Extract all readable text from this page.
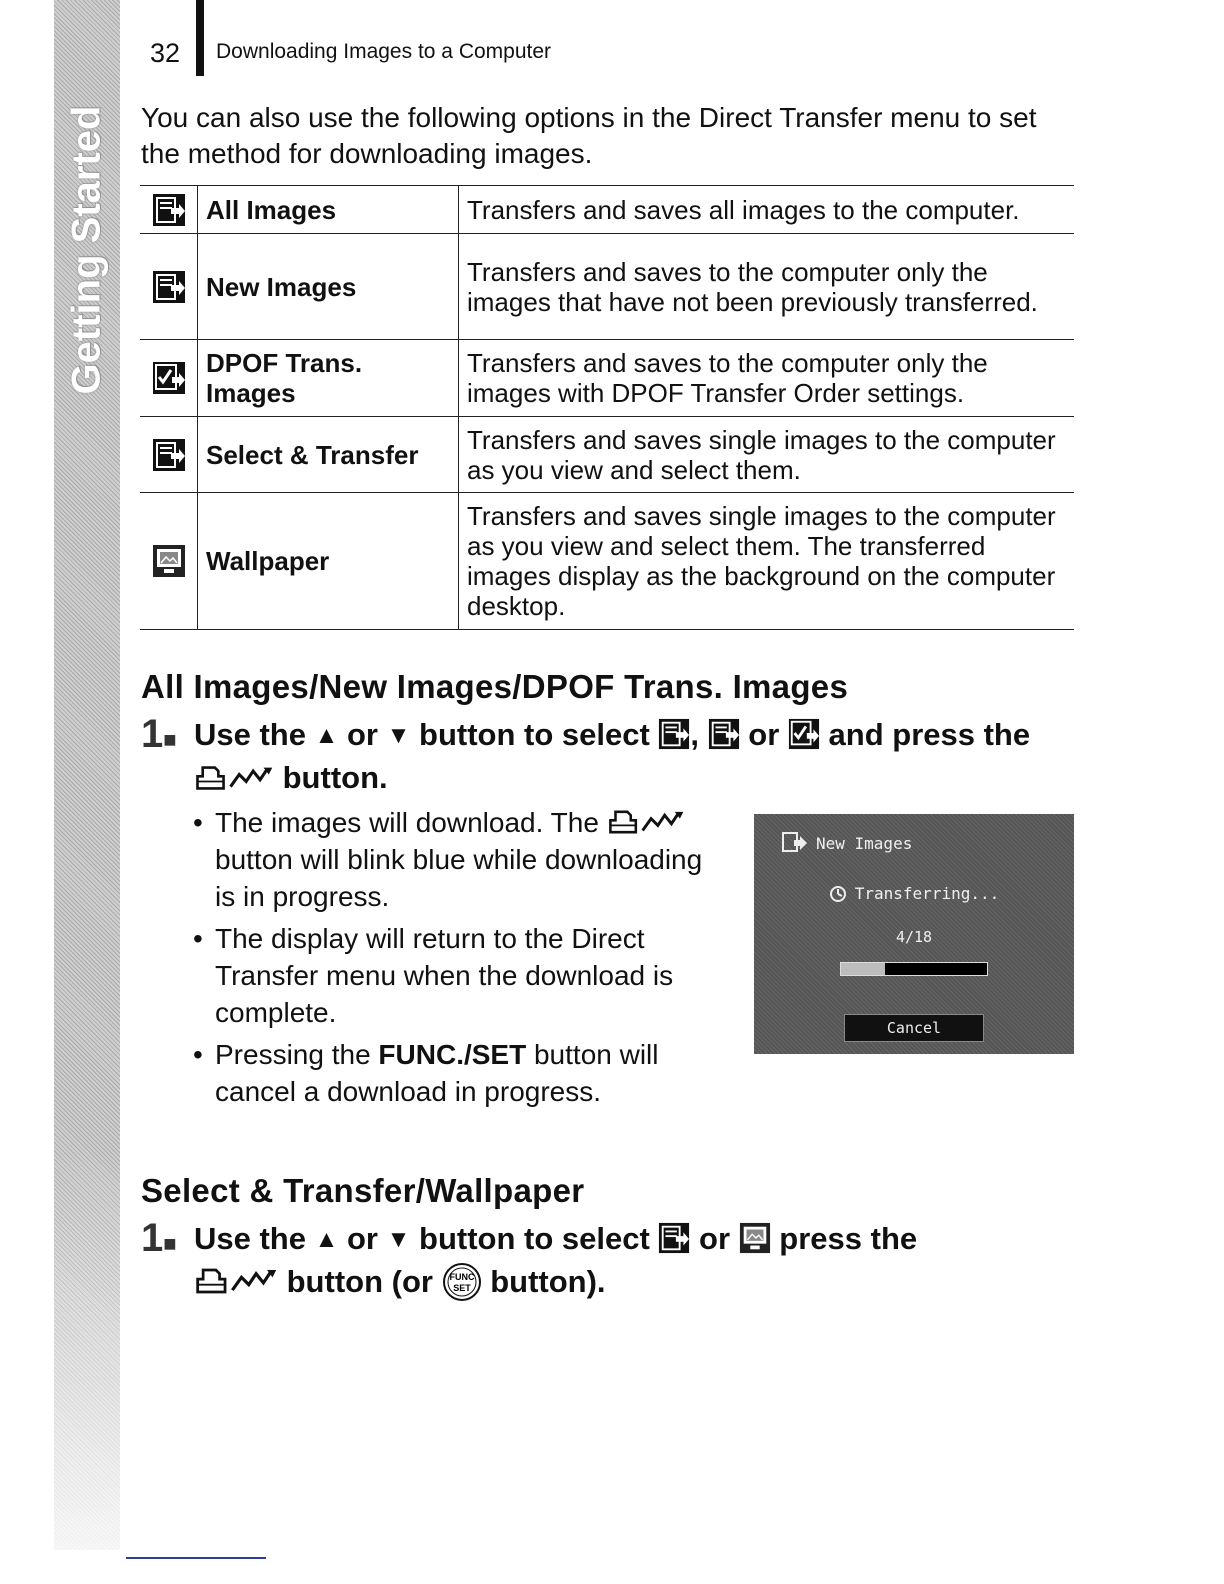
Getting Started
32 Downloading Images to a Computer
You can also use the following options in the Direct Transfer menu to set the method for downloading images.
	All Images	Transfers and saves all images to the computer.
	New Images	Transfers and saves to the computer only the images that have not been previously transferred.
	DPOF Trans. Images	Transfers and saves to the computer only the images with DPOF Transfer Order settings.
	Select & Transfer	Transfers and saves single images to the computer as you view and select them.
	Wallpaper	Transfers and saves single images to the computer as you view and select them. The transferred images display as the background on the computer desktop.
All Images/New Images/DPOF Trans. Images
1■ Use the ▲ or ▼ button to select , or and press the  button.
• The images will download. The  button will blink blue while downloading is in progress.
• The display will return to the Direct Transfer menu when the download is complete.
• Pressing the FUNC./SET button will cancel a download in progress.
New Images
Transferring...
4/18
Cancel
Select & Transfer/Wallpaper
1■ Use the ▲ or ▼ button to select or press the
button (or FUNC
SET button).
